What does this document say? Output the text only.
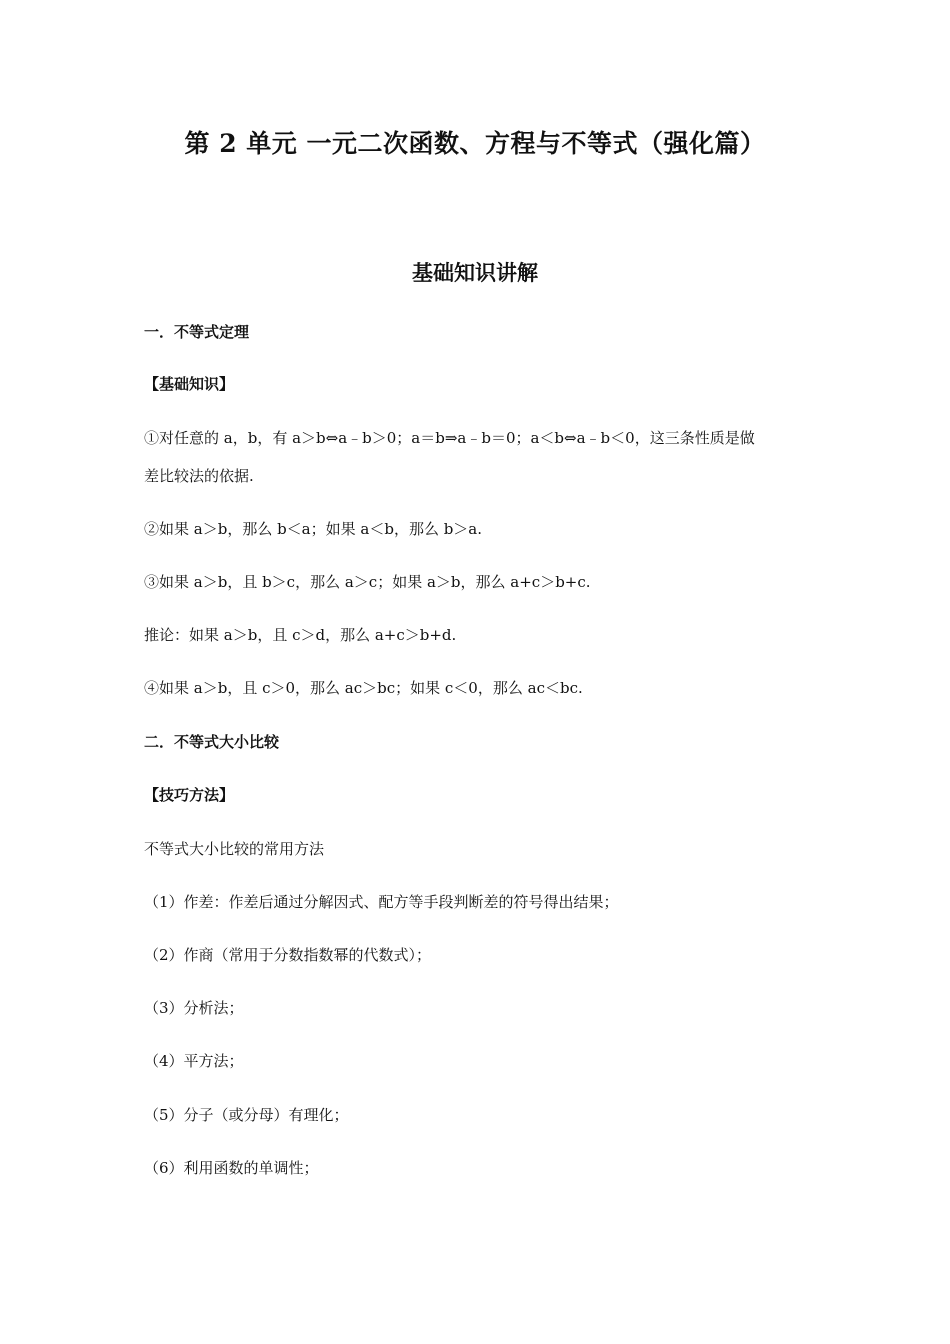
第 2 单元 一元二次函数、方程与不等式（强化篇）
基础知识讲解
一．不等式定理
【基础知识】
①对任意的 a，b，有 a＞b⇔a﹣b＞0；a＝b⇒a﹣b＝0；a＜b⇔a﹣b＜0，这三条性质是做
差比较法的依据.
②如果 a＞b，那么 b＜a；如果 a＜b，那么 b＞a.
③如果 a＞b，且 b＞c，那么 a＞c；如果 a＞b，那么 a+c＞b+c.
推论：如果 a＞b，且 c＞d，那么 a+c＞b+d.
④如果 a＞b，且 c＞0，那么 ac＞bc；如果 c＜0，那么 ac＜bc.
二．不等式大小比较
【技巧方法】
不等式大小比较的常用方法
（1）作差：作差后通过分解因式、配方等手段判断差的符号得出结果；
（2）作商（常用于分数指数幂的代数式）；
（3）分析法；
（4）平方法；
（5）分子（或分母）有理化；
（6）利用函数的单调性；
